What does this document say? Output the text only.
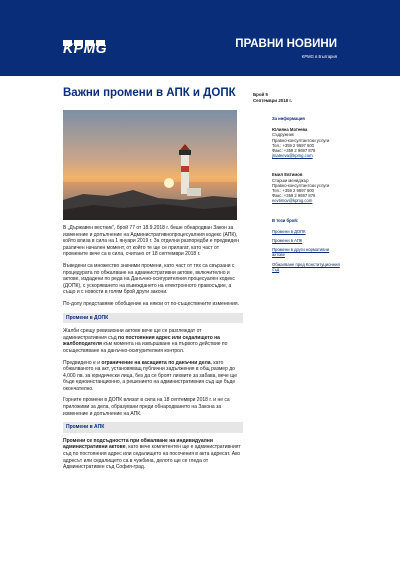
KPMG	ПРАВНИ НОВИНИ
KPMG в България
Важни промени в АПК и ДОПК	Брой 5
Септември 2018 г.
За информация
Юлияна Матеева
Съдружник
Правно-консултантски услуги
Тел.: +359 2 9697 600
Факс: +359 2 9697 878
jmateeva@kpmg.com
Емил Евтимов
Старши мениджър
Правно-консултантски услуги
Тел.: +359 2 9697 600
Факс: +359 2 9697 878
eevtimov@kpmg.com
В този брой:
Промени в ДОПК
Промени в АПК
Промени в други нормативни актове
Обжалване пред Конституционния съд

В „Държавен вестник", брой 77 от 18.9.2018 г. беше обнародван Закон за изменение и допълнение на Административнопроцесуалния кодекс (АПК), който влиза в сила на 1 януари 2019 г. За отделни разпоредби е предвиден различен начален момент, от който те ще се прилагат, като част от промените вече са в сила, считано от 18 септември 2018 г.

Въведени са множество значими промени, като част от тях са свързани с процедурата по обжалване на административни актове, включително и актове, издадени по реда на Данъчно-осигурителния процесуален кодекс (ДОПК), с ускоряването на въвеждането на електронното правосъдие, а също и с новости в голям брой други закони.

По-долу представяме обобщение на някои от по-съществените изменения.

Промени в ДОПК

Жалби срещу ревизионни актове вече ще се разглеждат от административния съд по постоянния адрес или седалището на жалбоподателя към момента на извършване на първото действие по осъществяване на данъчно-осигурителния контрол.

Предвидено е и ограничение на касацията по данъчни дела, като обжалваното на акт, установяващ публични задължения в общ размер до 4,000 лв. за юридически лица, без да се броят лихвите за забава, вече ще бъде едноинстанционно, а решението на административния съд ще бъде окончателно.

Горните промени в ДОПК влизат в сила на 18 септември 2018 г. и не са приложими за дела, образувани преди обнародването на Закона за изменение и допълнение на АПК.

Промени в АПК

Промени се подсъдността при обжалване на индивидуални административни актове, като вече компетентен ще е административният съд по постоянния адрес или седалището на посочения в акта адресат. Ако адресът или седалището са в чужбина, делото ще се гледа от Административен съд София-град.
